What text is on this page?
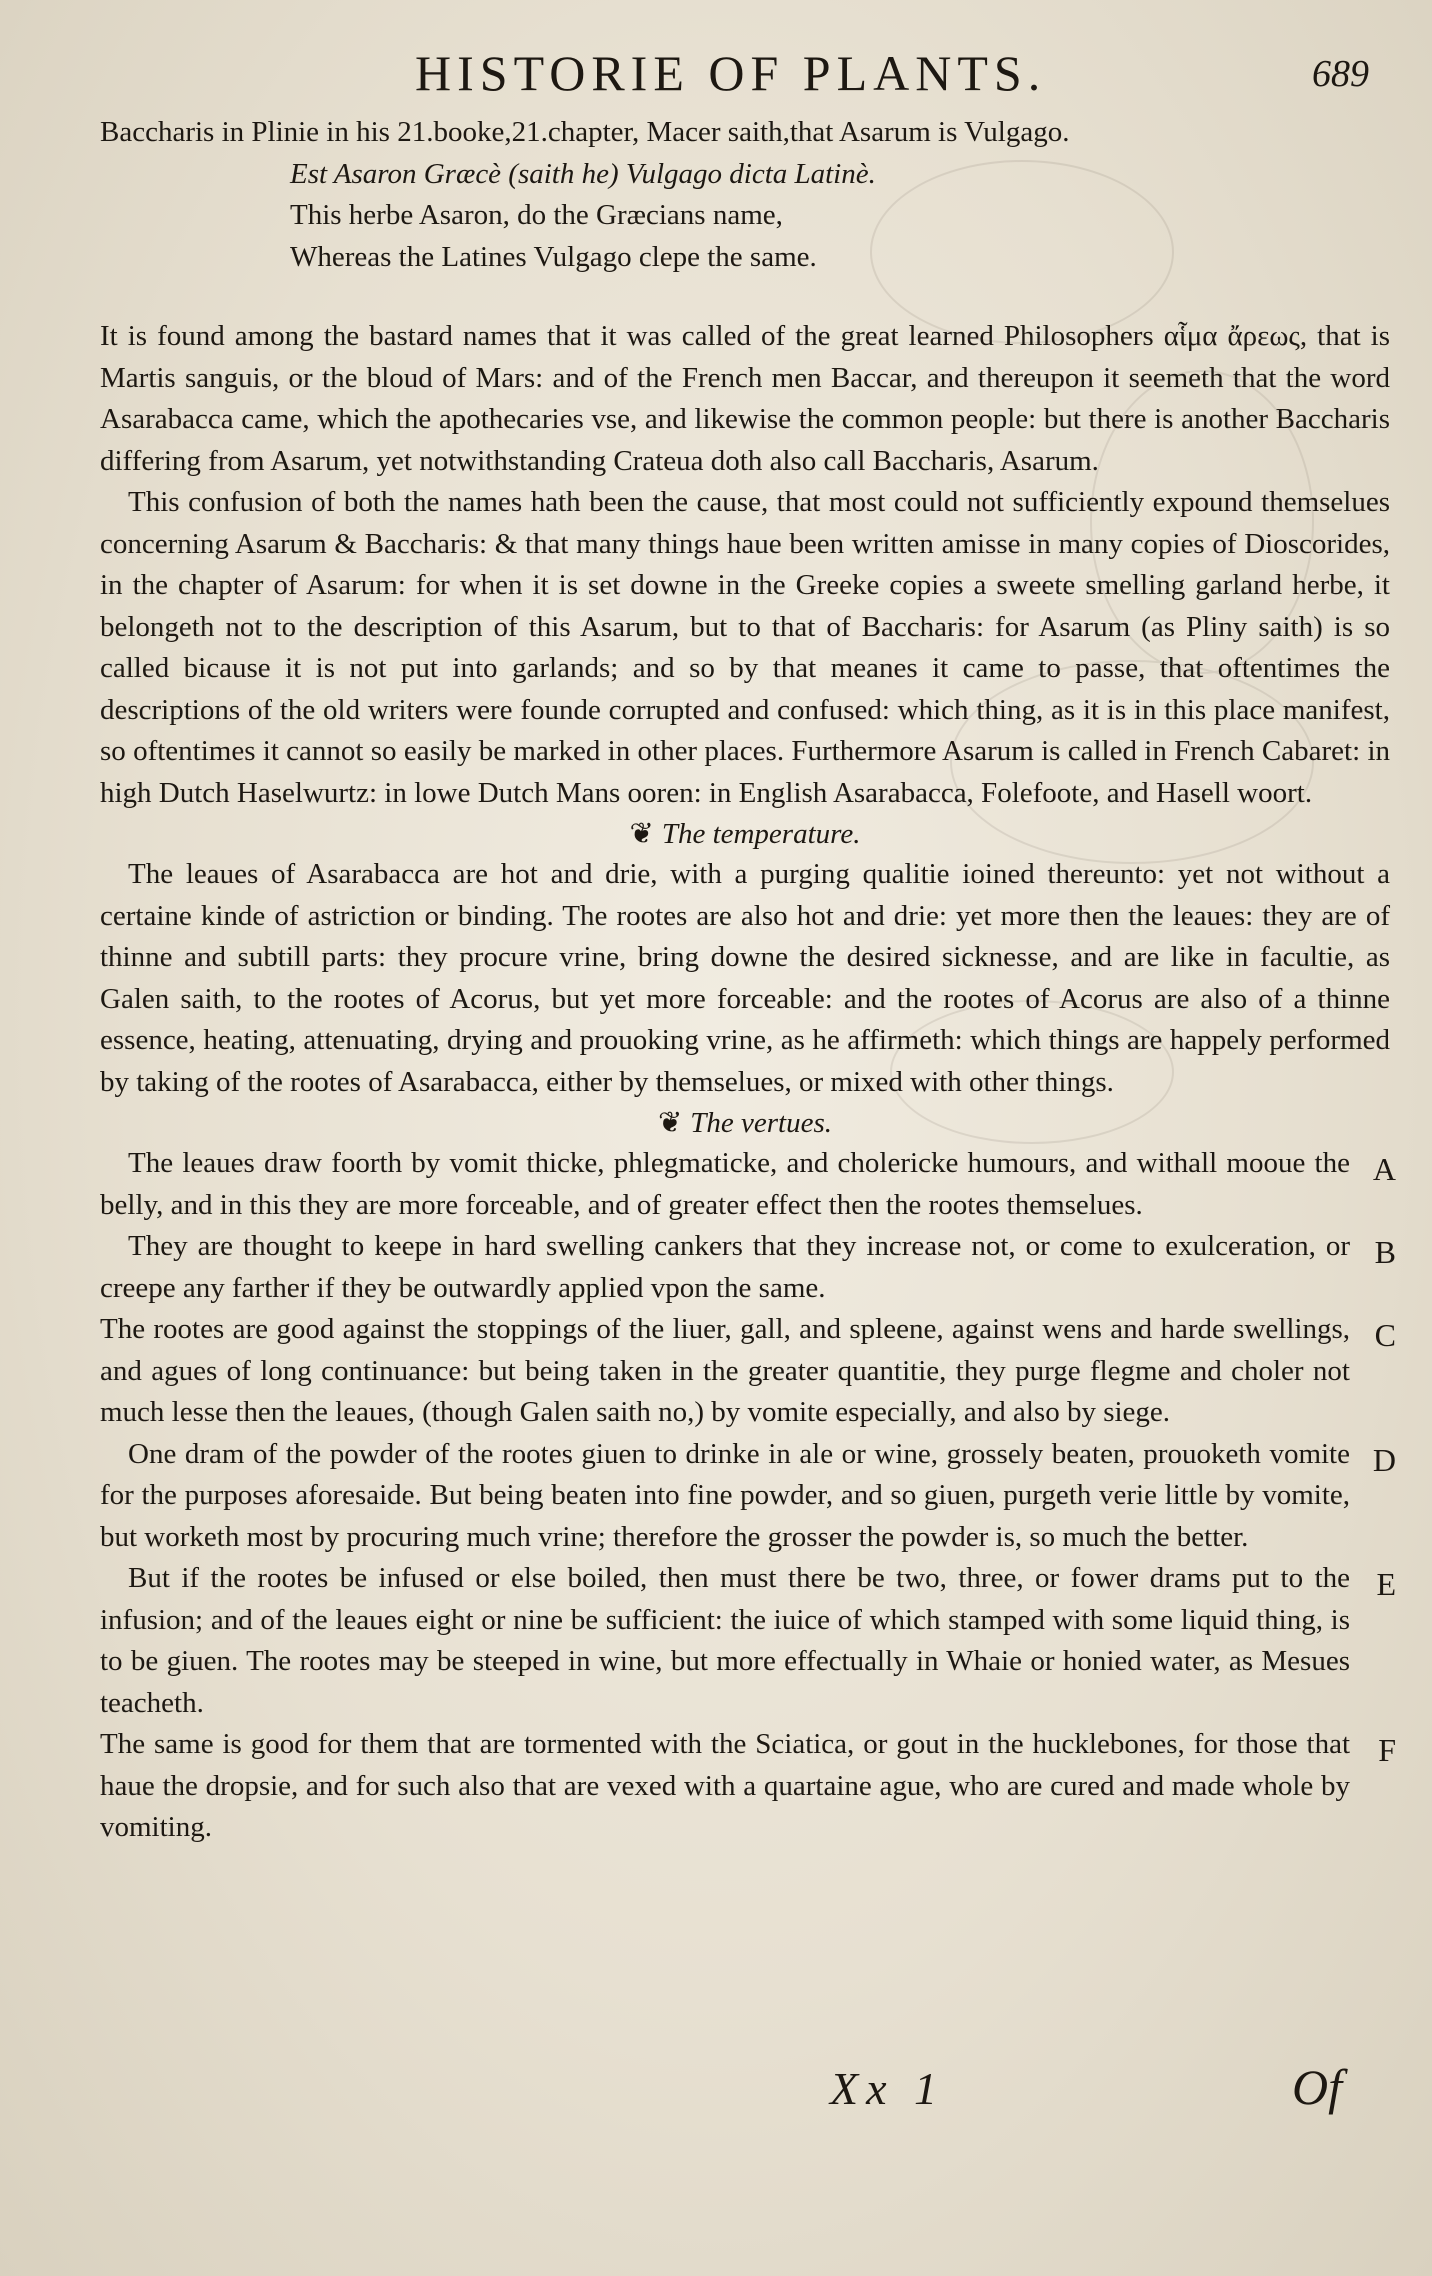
HISTORIE OF PLANTS.	689

Baccharis in Plinie in his 21.booke,21.chapter, Macer saith,that Asarum is Vulgago.

Est Asaron Græcè (saith he) Vulgago dicta Latinè.
This herbe Asaron, do the Græcians name,
Whereas the Latines Vulgago clepe the same.

It is found among the bastard names that it was called of the great learned Philosophers αἷμα ἄρεως, that is Martis sanguis, or the bloud of Mars: and of the French men Baccar, and thereupon it seemeth that the word Asarabacca came, which the apothecaries vse, and likewise the common people: but there is another Baccharis differing from Asarum, yet notwithstanding Crateua doth also call Baccharis, Asarum.

This confusion of both the names hath been the cause, that most could not sufficiently expound themselues concerning Asarum & Baccharis: & that many things haue been written amisse in many copies of Dioscorides, in the chapter of Asarum: for when it is set downe in the Greeke copies a sweete smelling garland herbe, it belongeth not to the description of this Asarum, but to that of Baccharis: for Asarum (as Pliny saith) is so called bicause it is not put into garlands; and so by that meanes it came to passe, that oftentimes the descriptions of the old writers were founde corrupted and confused: which thing, as it is in this place manifest, so oftentimes it cannot so easily be marked in other places. Furthermore Asarum is called in French Cabaret: in high Dutch Haselwurtz: in lowe Dutch Mans ooren: in English Asarabacca, Folefoote, and Hasell woort.

❦ The temperature.

The leaues of Asarabacca are hot and drie, with a purging qualitie ioined thereunto: yet not without a certaine kinde of astriction or binding. The rootes are also hot and drie: yet more then the leaues: they are of thinne and subtill parts: they procure vrine, bring downe the desired sicknesse, and are like in facultie, as Galen saith, to the rootes of Acorus, but yet more forceable: and the rootes of Acorus are also of a thinne essence, heating, attenuating, drying and prouoking vrine, as he affirmeth: which things are happely performed by taking of the rootes of Asarabacca, either by themselues, or mixed with other things.

❦ The vertues.

The leaues draw foorth by vomit thicke, phlegmaticke, and cholericke humours, and withall mooue the belly, and in this they are more forceable, and of greater effect then the rootes themselues.

A

They are thought to keepe in hard swelling cankers that they increase not, or come to exulceration, or creepe any farther if they be outwardly applied vpon the same.

B

The rootes are good against the stoppings of the liuer, gall, and spleene, against wens and harde swellings, and agues of long continuance: but being taken in the greater quantitie, they purge flegme and choler not much lesse then the leaues, (though Galen saith no,) by vomite especially, and also by siege.

C

One dram of the powder of the rootes giuen to drinke in ale or wine, grossely beaten, prouoketh vomite for the purposes aforesaide. But being beaten into fine powder, and so giuen, purgeth verie little by vomite, but worketh most by procuring much vrine; therefore the grosser the powder is, so much the better.

D

But if the rootes be infused or else boiled, then must there be two, three, or fower drams put to the infusion; and of the leaues eight or nine be sufficient: the iuice of which stamped with some liquid thing, is to be giuen. The rootes may be steeped in wine, but more effectually in Whaie or honied water, as Mesues teacheth.

E

The same is good for them that are tormented with the Sciatica, or gout in the hucklebones, for those that haue the dropsie, and for such also that are vexed with a quartaine ague, who are cured and made whole by vomiting.

F
Xx 1	Of
